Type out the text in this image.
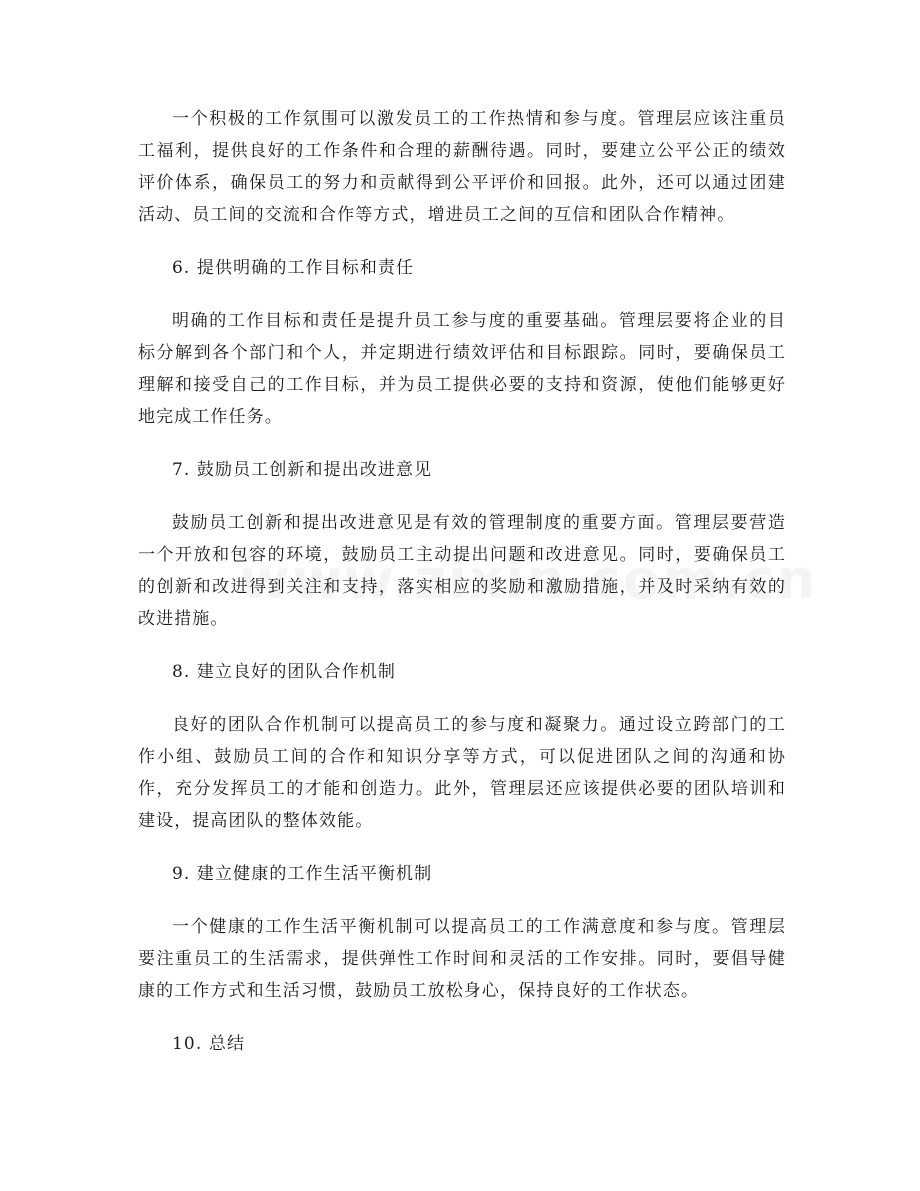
一个积极的工作氛围可以激发员工的工作热情和参与度。管理层应该注重员工福利，提供良好的工作条件和合理的薪酬待遇。同时，要建立公平公正的绩效评价体系，确保员工的努力和贡献得到公平评价和回报。此外，还可以通过团建活动、员工间的交流和合作等方式，增进员工之间的互信和团队合作精神。

6. 提供明确的工作目标和责任

明确的工作目标和责任是提升员工参与度的重要基础。管理层要将企业的目标分解到各个部门和个人，并定期进行绩效评估和目标跟踪。同时，要确保员工理解和接受自己的工作目标，并为员工提供必要的支持和资源，使他们能够更好地完成工作任务。

7. 鼓励员工创新和提出改进意见

鼓励员工创新和提出改进意见是有效的管理制度的重要方面。管理层要营造一个开放和包容的环境，鼓励员工主动提出问题和改进意见。同时，要确保员工的创新和改进得到关注和支持，落实相应的奖励和激励措施，并及时采纳有效的改进措施。

8. 建立良好的团队合作机制

良好的团队合作机制可以提高员工的参与度和凝聚力。通过设立跨部门的工作小组、鼓励员工间的合作和知识分享等方式，可以促进团队之间的沟通和协作，充分发挥员工的才能和创造力。此外，管理层还应该提供必要的团队培训和建设，提高团队的整体效能。

9. 建立健康的工作生活平衡机制

一个健康的工作生活平衡机制可以提高员工的工作满意度和参与度。管理层要注重员工的生活需求，提供弹性工作时间和灵活的工作安排。同时，要倡导健康的工作方式和生活习惯，鼓励员工放松身心，保持良好的工作状态。

10. 总结
